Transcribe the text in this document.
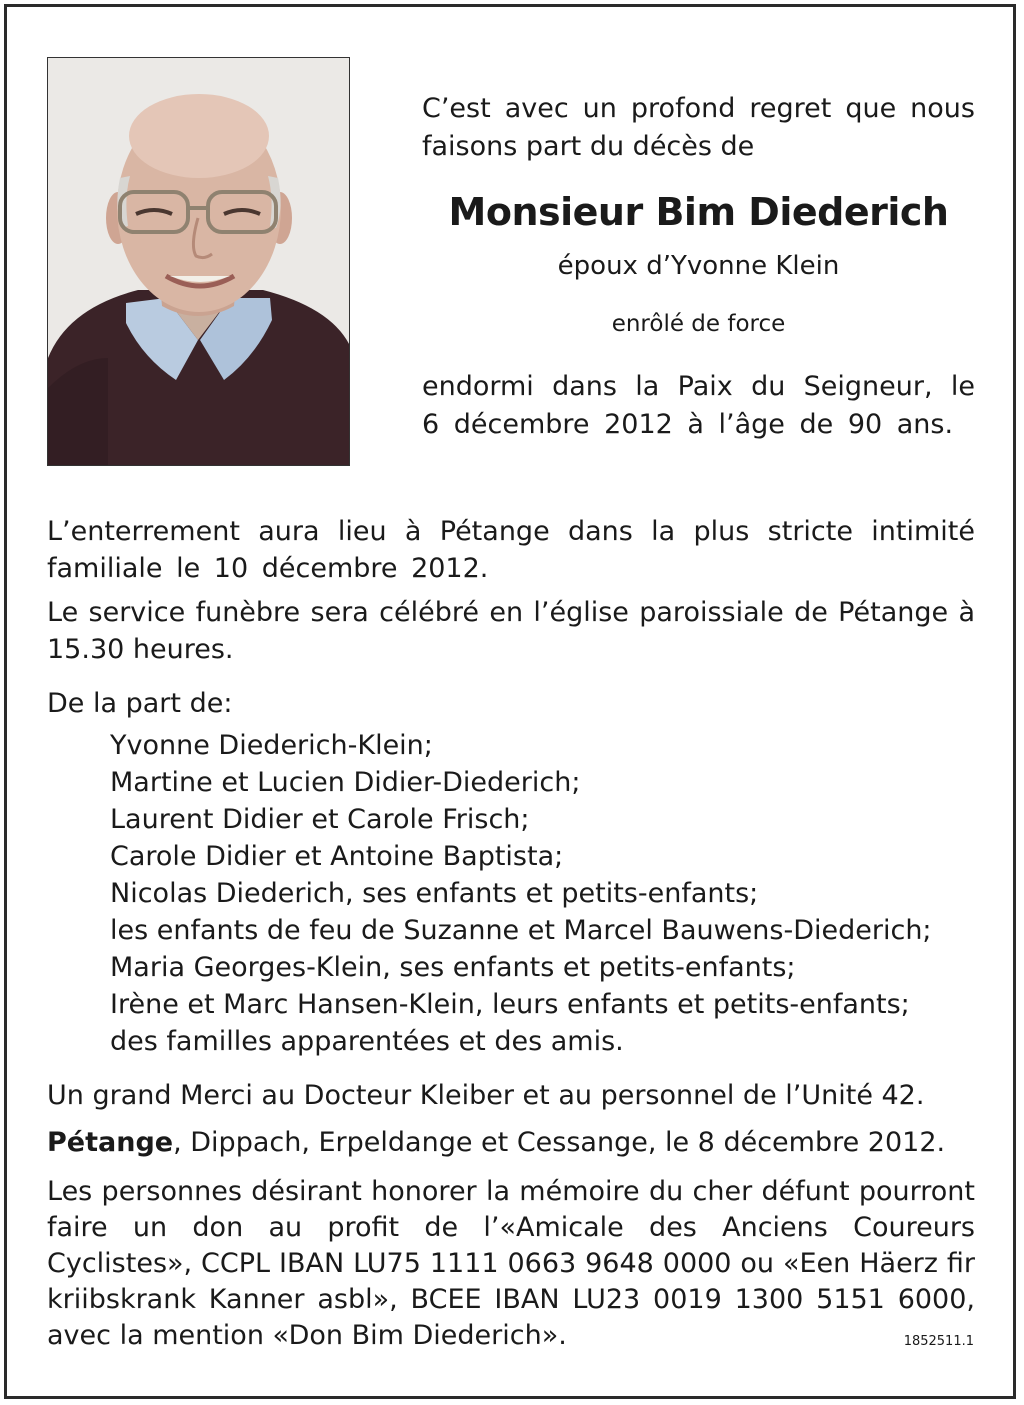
C’est avec un profond regret que nous faisons part du décès de

Monsieur Bim Diederich

époux d’Yvonne Klein

enrôlé de force

endormi dans la Paix du Seigneur, le 6 décembre 2012 à l’âge de 90 ans.

L’enterrement aura lieu à Pétange dans la plus stricte intimité familiale le 10 décembre 2012.

Le service funèbre sera célébré en l’église paroissiale de Pétange à 15.30 heures.

De la part de:

Yvonne Diederich-Klein;
Martine et Lucien Didier-Diederich;
Laurent Didier et Carole Frisch;
Carole Didier et Antoine Baptista;
Nicolas Diederich, ses enfants et petits-enfants;
les enfants de feu de Suzanne et Marcel Bauwens-Diederich;
Maria Georges-Klein, ses enfants et petits-enfants;
Irène et Marc Hansen-Klein, leurs enfants et petits-enfants;
des familles apparentées et des amis.

Un grand Merci au Docteur Kleiber et au personnel de l’Unité 42.

Pétange, Dippach, Erpeldange et Cessange, le 8 décembre 2012.

Les personnes désirant honorer la mémoire du cher défunt pourront faire un don au profit de l’«Amicale des Anciens Coureurs Cyclistes», CCPL IBAN LU75 1111 0663 9648 0000 ou «Een Häerz fir kriibskrank Kanner asbl», BCEE IBAN LU23 0019 1300 5151 6000, avec la mention «Don Bim Diederich».	1852511.1
